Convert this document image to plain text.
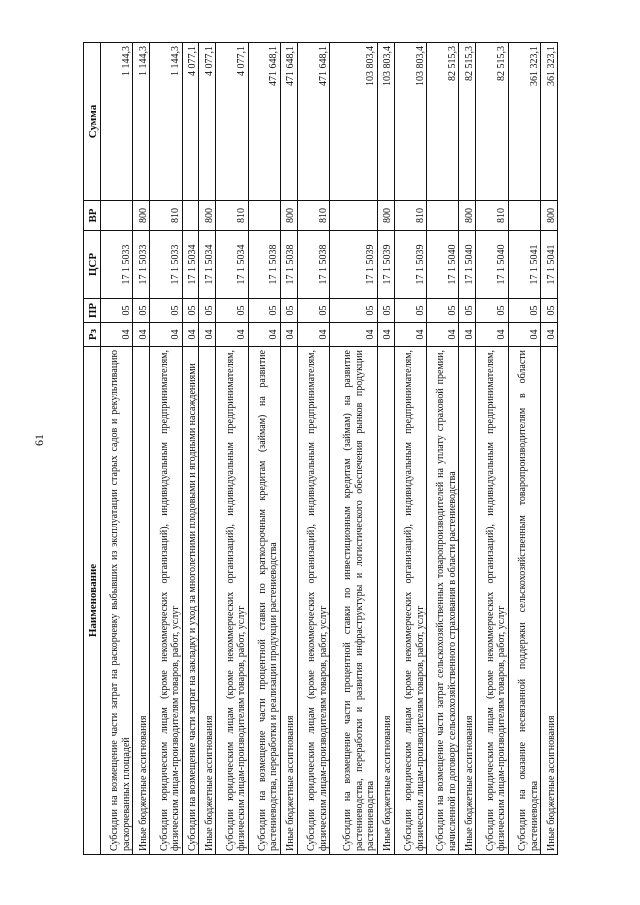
61
Наименование	Рз	ПР	ЦСР	ВР	Сумма
Субсидии на возмещение части затрат на раскорчевку выбывших из эксплуатации старых садов и рекультивацию раскорчеванных площадей	04	05	17 1 5033		1 144,3
Иные бюджетные ассигнования	04	05	17 1 5033	800	1 144,3
Субсидии юридическим лицам (кроме некоммерческих организаций), индивидуальным предпринимателям, физическим лицам-производителям товаров, работ, услуг	04	05	17 1 5033	810	1 144,3
Субсидии на возмещение части затрат на закладку и уход за многолетними плодовыми и ягодными насаждениями	04	05	17 1 5034		4 077,1
Иные бюджетные ассигнования	04	05	17 1 5034	800	4 077,1
Субсидии юридическим лицам (кроме некоммерческих организаций), индивидуальным предпринимателям, физическим лицам-производителям товаров, работ, услуг	04	05	17 1 5034	810	4 077,1
Субсидии на возмещение части процентной ставки по краткосрочным кредитам (займам) на развитие растениеводства, переработки и реализации продукции растениеводства	04	05	17 1 5038		471 648,1
Иные бюджетные ассигнования	04	05	17 1 5038	800	471 648,1
Субсидии юридическим лицам (кроме некоммерческих организаций), индивидуальным предпринимателям, физическим лицам-производителям товаров, работ, услуг	04	05	17 1 5038	810	471 648,1
Субсидии на возмещение части процентной ставки по инвестиционным кредитам (займам) на развитие растениеводства, переработки и развития инфраструктуры и логистического обеспечения рынков продукции растениеводства	04	05	17 1 5039		103 803,4
Иные бюджетные ассигнования	04	05	17 1 5039	800	103 803,4
Субсидии юридическим лицам (кроме некоммерческих организаций), индивидуальным предпринимателям, физическим лицам-производителям товаров, работ, услуг	04	05	17 1 5039	810	103 803,4
Субсидии на возмещение части затрат сельскохозяйственных товаропроизводителей на уплату страховой премии, начисленной по договору сельскохозяйственного страхования в области растениеводства	04	05	17 1 5040		82 515,3
Иные бюджетные ассигнования	04	05	17 1 5040	800	82 515,3
Субсидии юридическим лицам (кроме некоммерческих организаций), индивидуальным предпринимателям, физическим лицам-производителям товаров, работ, услуг	04	05	17 1 5040	810	82 515,3
Субсидии на оказание несвязанной поддержки сельскохозяйственным товаропроизводителям в области растениеводства	04	05	17 1 5041		361 323,1
Иные бюджетные ассигнования	04	05	17 1 5041	800	361 323,1
